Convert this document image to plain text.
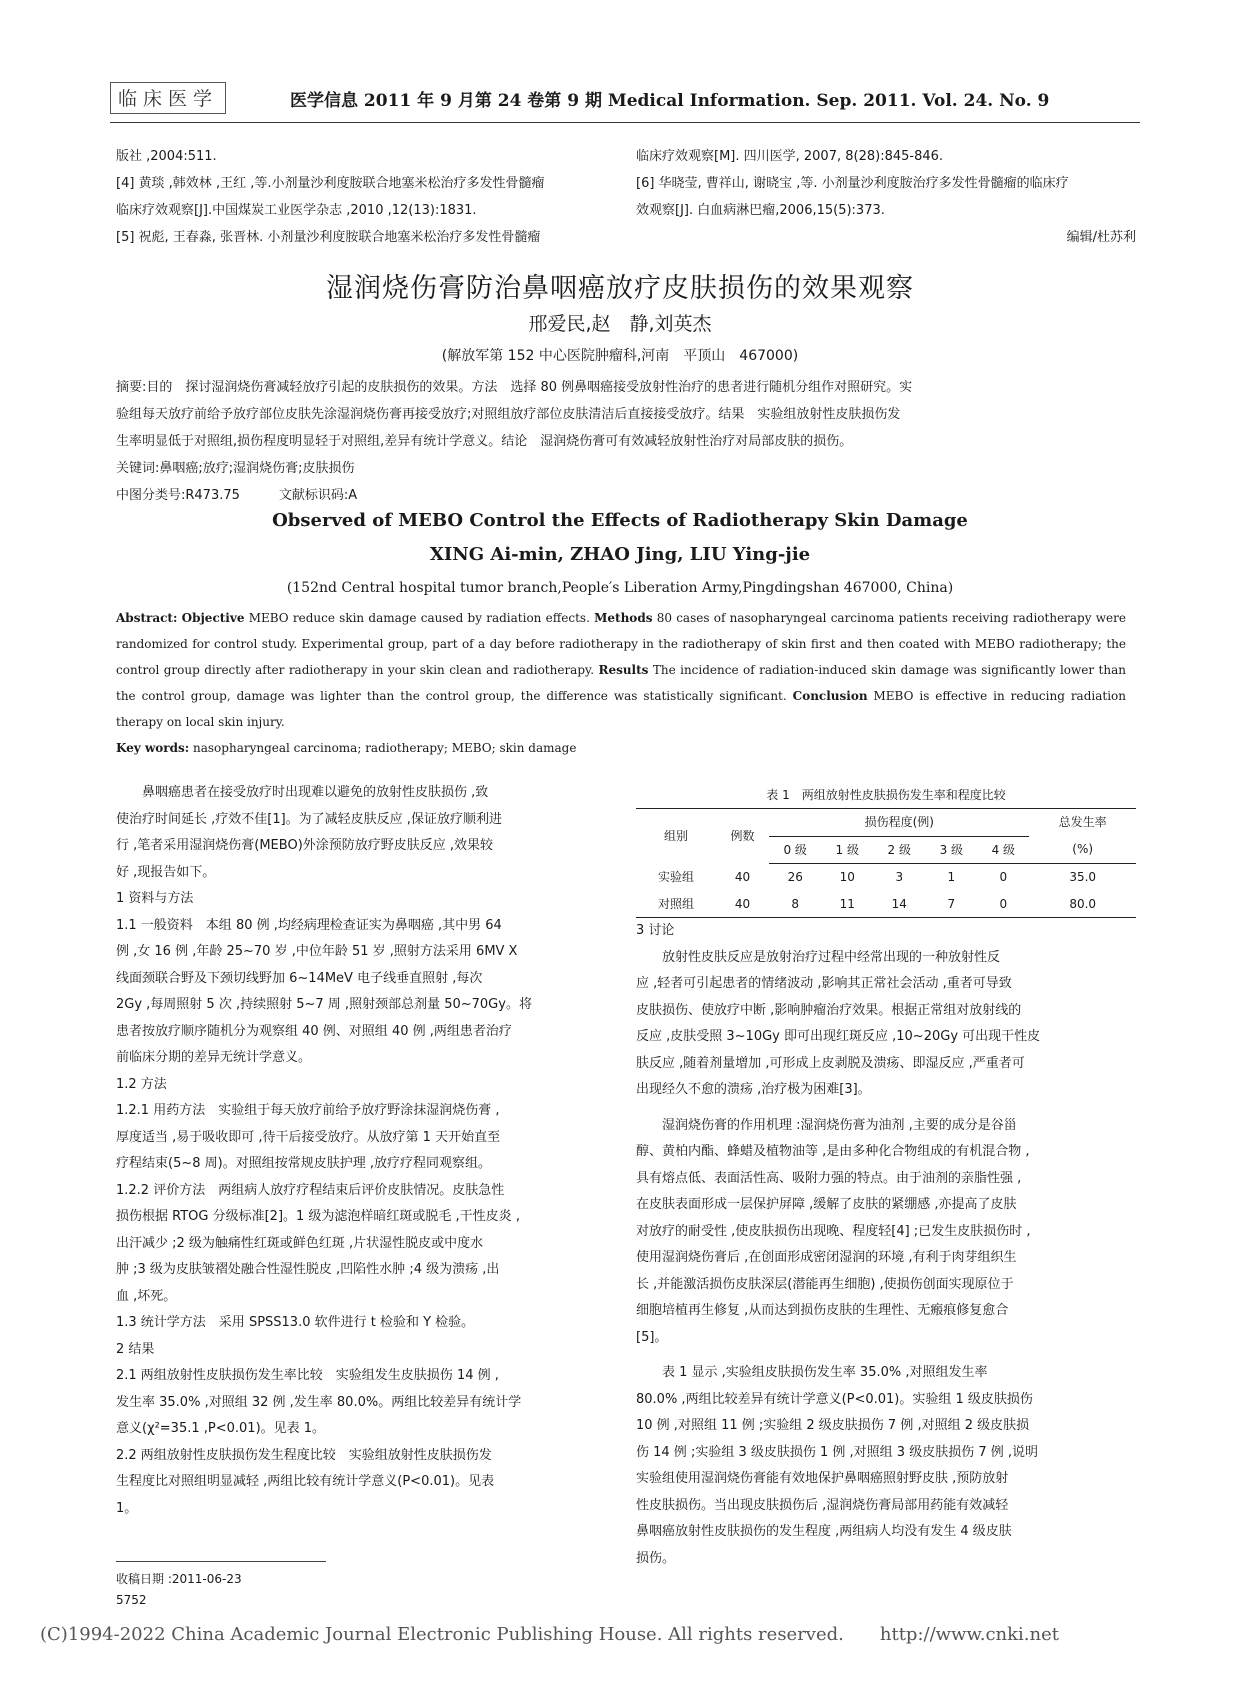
临床医学	医学信息 2011 年 9 月第 24 卷第 9 期 Medical Information. Sep. 2011. Vol. 24. No. 9
版社 ,2004:511.
[4] 黄琰 ,韩效林 ,王红 ,等.小剂量沙利度胺联合地塞米松治疗多发性骨髓瘤
临床疗效观察[J].中国煤炭工业医学杂志 ,2010 ,12(13):1831.
[5] 祝彪, 王春淼, 张晋林. 小剂量沙利度胺联合地塞米松治疗多发性骨髓瘤
临床疗效观察[M]. 四川医学, 2007, 8(28):845-846.
[6] 华晓莹, 曹祥山, 谢晓宝 ,等. 小剂量沙利度胺治疗多发性骨髓瘤的临床疗
效观察[J]. 白血病淋巴瘤,2006,15(5):373.
编辑/杜苏利
湿润烧伤膏防治鼻咽癌放疗皮肤损伤的效果观察
邢爱民,赵　静,刘英杰
(解放军第 152 中心医院肿瘤科,河南　平顶山　467000)
摘要:目的　探讨湿润烧伤膏减轻放疗引起的皮肤损伤的效果。方法　选择 80 例鼻咽癌接受放射性治疗的患者进行随机分组作对照研究。实
验组每天放疗前给予放疗部位皮肤先涂湿润烧伤膏再接受放疗;对照组放疗部位皮肤清洁后直接接受放疗。结果　实验组放射性皮肤损伤发
生率明显低于对照组,损伤程度明显轻于对照组,差异有统计学意义。结论　湿润烧伤膏可有效减轻放射性治疗对局部皮肤的损伤。
关键词:鼻咽癌;放疗;湿润烧伤膏;皮肤损伤
中图分类号:R473.75　　　文献标识码:A
Observed of MEBO Control the Effects of Radiotherapy Skin Damage
XING Ai-min, ZHAO Jing, LIU Ying-jie
(152nd Central hospital tumor branch,People′s Liberation Army,Pingdingshan 467000, China)
Abstract: Objective MEBO reduce skin damage caused by radiation effects. Methods 80 cases of nasopharyngeal carcinoma patients receiving radiotherapy were randomized for control study. Experimental group, part of a day before radiotherapy in the radiotherapy of skin first and then coated with MEBO radiotherapy; the control group directly after radiotherapy in your skin clean and radiotherapy. Results The incidence of radiation-induced skin damage was significantly lower than the control group, damage was lighter than the control group, the difference was statistically significant. Conclusion MEBO is effective in reducing radiation therapy on local skin injury.
Key words: nasopharyngeal carcinoma; radiotherapy; MEBO; skin damage
鼻咽癌患者在接受放疗时出现难以避免的放射性皮肤损伤 ,致
使治疗时间延长 ,疗效不佳[1]。为了减轻皮肤反应 ,保证放疗顺利进
行 ,笔者采用湿润烧伤膏(MEBO)外涂预防放疗野皮肤反应 ,效果较
好 ,现报告如下。
1 资料与方法
1.1 一般资料　本组 80 例 ,均经病理检查证实为鼻咽癌 ,其中男 64
例 ,女 16 例 ,年龄 25~70 岁 ,中位年龄 51 岁 ,照射方法采用 6MV X
线面颈联合野及下颈切线野加 6~14MeV 电子线垂直照射 ,每次
2Gy ,每周照射 5 次 ,持续照射 5~7 周 ,照射颈部总剂量 50~70Gy。将
患者按放疗顺序随机分为观察组 40 例、对照组 40 例 ,两组患者治疗
前临床分期的差异无统计学意义。
1.2 方法
1.2.1 用药方法　实验组于每天放疗前给予放疗野涂抹湿润烧伤膏 ,
厚度适当 ,易于吸收即可 ,待干后接受放疗。从放疗第 1 天开始直至
疗程结束(5~8 周)。对照组按常规皮肤护理 ,放疗疗程同观察组。
1.2.2 评价方法　两组病人放疗疗程结束后评价皮肤情况。皮肤急性
损伤根据 RTOG 分级标准[2]。1 级为滤泡样暗红斑或脱毛 ,干性皮炎 ,
出汗减少 ;2 级为触痛性红斑或鲜色红斑 ,片状湿性脱皮或中度水
肿 ;3 级为皮肤皱褶处融合性湿性脱皮 ,凹陷性水肿 ;4 级为溃疡 ,出
血 ,坏死。
1.3 统计学方法　采用 SPSS13.0 软件进行 t 检验和 Y 检验。
2 结果
2.1 两组放射性皮肤损伤发生率比较　实验组发生皮肤损伤 14 例 ,
发生率 35.0% ,对照组 32 例 ,发生率 80.0%。两组比较差异有统计学
意义(χ²=35.1 ,P<0.01)。见表 1。
2.2 两组放射性皮肤损伤发生程度比较　实验组放射性皮肤损伤发
生程度比对照组明显减轻 ,两组比较有统计学意义(P<0.01)。见表
1。
表 1　两组放射性皮肤损伤发生率和程度比较
组别	例数	损伤程度(例)					总发生率
		0 级	1 级	2 级	3 级	4 级	(%)
实验组	40	26	10	3	1	0	35.0
对照组	40	8	11	14	7	0	80.0
3 讨论
放射性皮肤反应是放射治疗过程中经常出现的一种放射性反
应 ,轻者可引起患者的情绪波动 ,影响其正常社会活动 ,重者可导致
皮肤损伤、使放疗中断 ,影响肿瘤治疗效果。根据正常组对放射线的
反应 ,皮肤受照 3~10Gy 即可出现红斑反应 ,10~20Gy 可出现干性皮
肤反应 ,随着剂量增加 ,可形成上皮剥脱及溃疡、即湿反应 ,严重者可
出现经久不愈的溃疡 ,治疗极为困难[3]。
湿润烧伤膏的作用机理 :湿润烧伤膏为油剂 ,主要的成分是谷甾
醇、黄柏内酯、蜂蜡及植物油等 ,是由多种化合物组成的有机混合物 ,
具有熔点低、表面活性高、吸附力强的特点。由于油剂的亲脂性强 ,
在皮肤表面形成一层保护屏障 ,缓解了皮肤的紧绷感 ,亦提高了皮肤
对放疗的耐受性 ,使皮肤损伤出现晚、程度轻[4] ;已发生皮肤损伤时 ,
使用湿润烧伤膏后 ,在创面形成密闭湿润的环境 ,有利于肉芽组织生
长 ,并能激活损伤皮肤深层(潜能再生细胞) ,使损伤创面实现原位于
细胞培植再生修复 ,从而达到损伤皮肤的生理性、无瘢痕修复愈合
[5]。
表 1 显示 ,实验组皮肤损伤发生率 35.0% ,对照组发生率
80.0% ,两组比较差异有统计学意义(P<0.01)。实验组 1 级皮肤损伤
10 例 ,对照组 11 例 ;实验组 2 级皮肤损伤 7 例 ,对照组 2 级皮肤损
伤 14 例 ;实验组 3 级皮肤损伤 1 例 ,对照组 3 级皮肤损伤 7 例 ,说明
实验组使用湿润烧伤膏能有效地保护鼻咽癌照射野皮肤 ,预防放射
性皮肤损伤。当出现皮肤损伤后 ,湿润烧伤膏局部用药能有效减轻
鼻咽癌放射性皮肤损伤的发生程度 ,两组病人均没有发生 4 级皮肤
损伤。
收稿日期 :2011-06-23
5752
(C)1994-2022 China Academic Journal Electronic Publishing House. All rights reserved.　　http://www.cnki.net
